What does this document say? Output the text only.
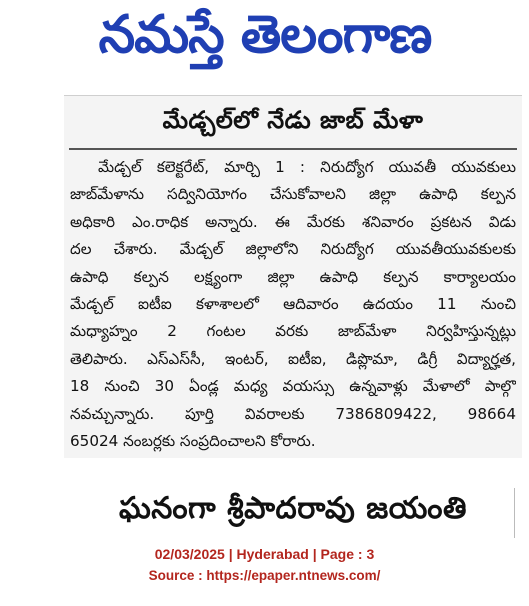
నమస్తే తెలంగాణ
మేడ్చల్‌లో నేడు జాబ్‌ మేళా
మేడ్చల్‌ కలెక్టరేట్‌, మార్చి 1 : నిరుద్యోగ యువతీ యువకులు
జాబ్‌మేళాను సద్వినియోగం చేసుకోవాలని జిల్లా ఉపాధి కల్పన
అధికారి ఎం.రాధిక అన్నారు. ఈ మేరకు శనివారం ప్రకటన విడు
దల చేశారు. మేడ్చల్‌ జిల్లాలోని నిరుద్యోగ యువతీయువకులకు
ఉపాధి కల్పన లక్ష్యంగా జిల్లా ఉపాధి కల్పన కార్యాలయం
మేడ్చల్‌ ఐటీఐ కళాశాలలో ఆదివారం ఉదయం 11 నుంచి
మధ్యాహ్నం 2 గంటల వరకు జాబ్‌మేళా నిర్వహిస్తున్నట్లు
తెలిపారు. ఎస్‌ఎస్‌సీ, ఇంటర్‌, ఐటీఐ, డిప్లొమా, డిగ్రీ విద్యార్హత,
18 నుంచి 30 ఏండ్ల మధ్య వయస్సు ఉన్నవాళ్లు మేళాలో పాల్గొ
నవచ్చున్నారు. పూర్తి వివరాలకు 7386809422, 98664
65024 నంబర్లకు సంప్రదించాలని కోరారు.
ఘనంగా శ్రీపాదరావు జయంతి
02/03/2025 | Hyderabad | Page : 3
Source : https://epaper.ntnews.com/
